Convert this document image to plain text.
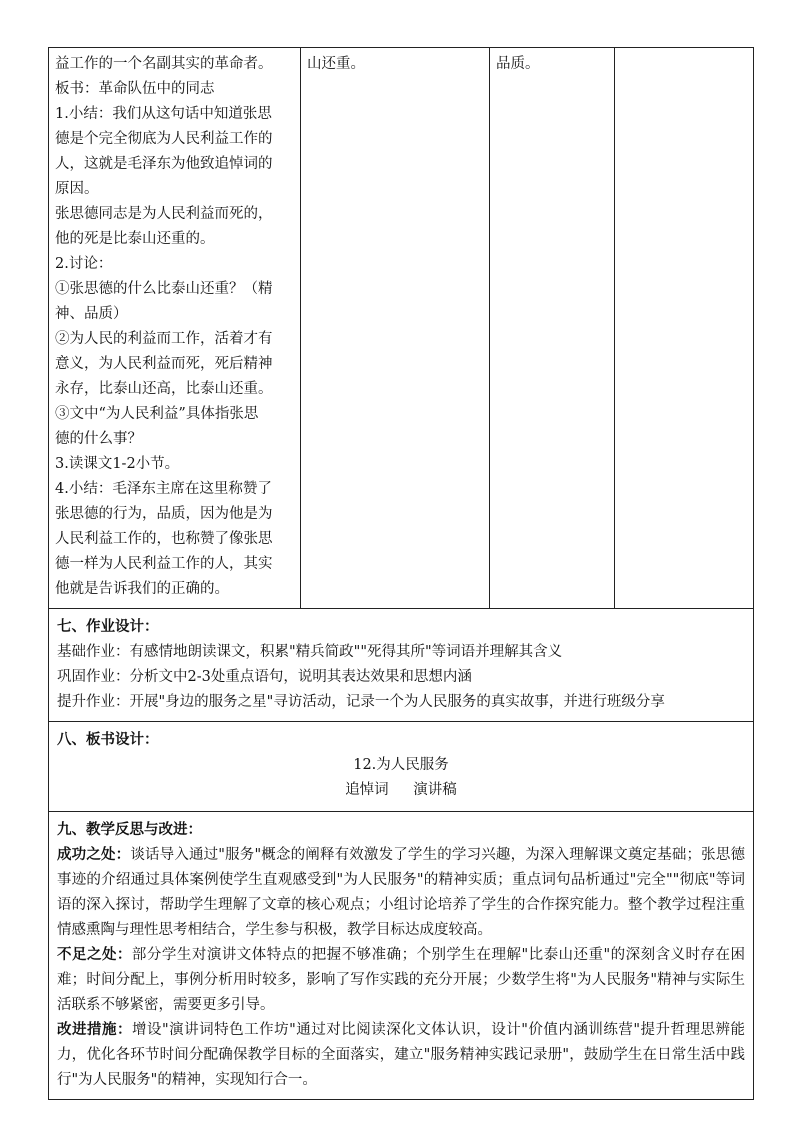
益工作的一个名副其实的革命者。
板书：革命队伍中的同志
1.小结：我们从这句话中知道张思
德是个完全彻底为人民利益工作的
人，这就是毛泽东为他致追悼词的
原因。
张思德同志是为人民利益而死的，
他的死是比泰山还重的。
2.讨论：
①张思德的什么比泰山还重？（精
神、品质）
②为人民的利益而工作，活着才有
意义，为人民利益而死，死后精神
永存，比泰山还高，比泰山还重。
③文中“为人民利益”具体指张思
德的什么事？
3.读课文1-2小节。
4.小结：毛泽东主席在这里称赞了
张思德的行为，品质，因为他是为
人民利益工作的，也称赞了像张思
德一样为人民利益工作的人，其实
他就是告诉我们的正确的。

山还重。	品质。

七、作业设计：
基础作业：有感情地朗读课文，积累"精兵简政""死得其所"等词语并理解其含义
巩固作业：分析文中2-3处重点语句，说明其表达效果和思想内涵
提升作业：开展"身边的服务之星"寻访活动，记录一个为人民服务的真实故事，并进行班级分享

八、板书设计：
12.为人民服务
追悼词 演讲稿

九、教学反思与改进：
成功之处：谈话导入通过"服务"概念的阐释有效激发了学生的学习兴趣，为深入理解课文奠定基础；张思德事迹的介绍通过具体案例使学生直观感受到"为人民服务"的精神实质；重点词句品析通过"完全""彻底"等词语的深入探讨，帮助学生理解了文章的核心观点；小组讨论培养了学生的合作探究能力。整个教学过程注重情感熏陶与理性思考相结合，学生参与积极，教学目标达成度较高。
不足之处：部分学生对演讲文体特点的把握不够准确；个别学生在理解"比泰山还重"的深刻含义时存在困难；时间分配上，事例分析用时较多，影响了写作实践的充分开展；少数学生将"为人民服务"精神与实际生活联系不够紧密，需要更多引导。
改进措施：增设"演讲词特色工作坊"通过对比阅读深化文体认识，设计"价值内涵训练营"提升哲理思辨能力，优化各环节时间分配确保教学目标的全面落实，建立"服务精神实践记录册"，鼓励学生在日常生活中践行"为人民服务"的精神，实现知行合一。
